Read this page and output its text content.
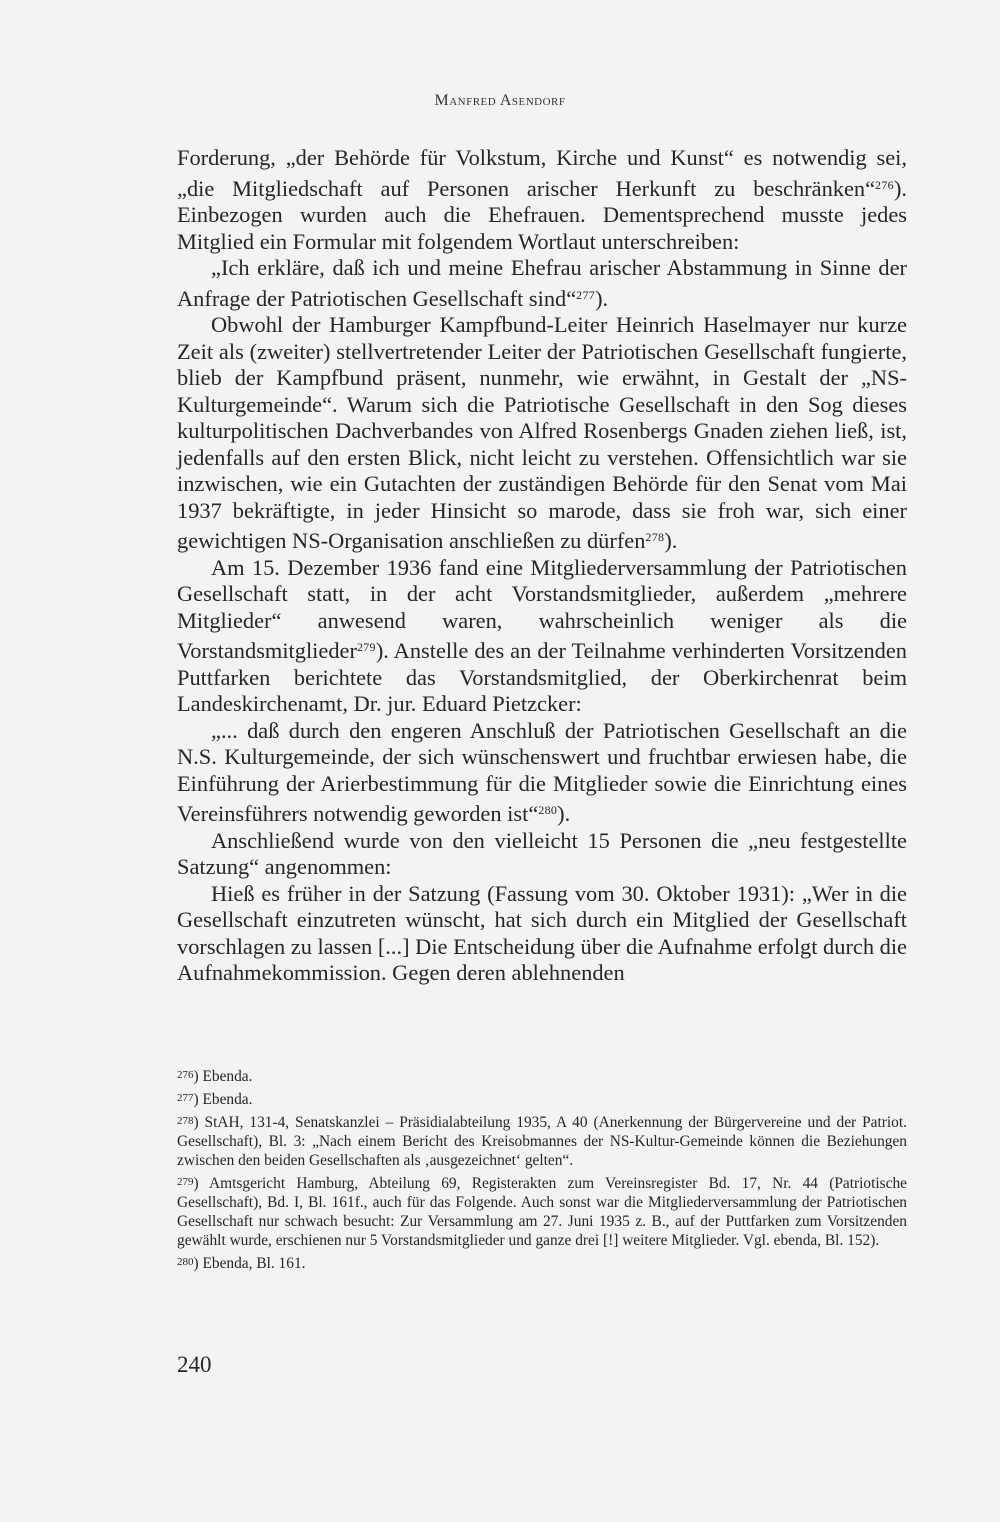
Manfred Asendorf

Forderung, „der Behörde für Volkstum, Kirche und Kunst“ es notwendig sei, „die Mitgliedschaft auf Personen arischer Herkunft zu beschränken“$^{276}$). Einbezogen wurden auch die Ehefrauen. Dementsprechend musste jedes Mitglied ein Formular mit folgendem Wortlaut unterschreiben:

„Ich erkläre, daß ich und meine Ehefrau arischer Abstammung in Sinne der Anfrage der Patriotischen Gesellschaft sind“$^{277}$).

Obwohl der Hamburger Kampfbund-Leiter Heinrich Haselmayer nur kurze Zeit als (zweiter) stellvertretender Leiter der Patriotischen Gesellschaft fungierte, blieb der Kampfbund präsent, nunmehr, wie erwähnt, in Gestalt der „NS-Kulturgemeinde“. Warum sich die Patriotische Gesellschaft in den Sog dieses kulturpolitischen Dachverbandes von Alfred Rosenbergs Gnaden ziehen ließ, ist, jedenfalls auf den ersten Blick, nicht leicht zu verstehen. Offensichtlich war sie inzwischen, wie ein Gutachten der zuständigen Behörde für den Senat vom Mai 1937 bekräftigte, in jeder Hinsicht so marode, dass sie froh war, sich einer gewichtigen NS-Organisation anschließen zu dürfen$^{278}$).

Am 15. Dezember 1936 fand eine Mitgliederversammlung der Patriotischen Gesellschaft statt, in der acht Vorstandsmitglieder, außerdem „mehrere Mitglieder“ anwesend waren, wahrscheinlich weniger als die Vorstandsmitglieder$^{279}$). Anstelle des an der Teilnahme verhinderten Vorsitzenden Puttfarken berichtete das Vorstandsmitglied, der Oberkirchenrat beim Landeskirchenamt, Dr. jur. Eduard Pietzcker:

„... daß durch den engeren Anschluß der Patriotischen Gesellschaft an die N.S. Kulturgemeinde, der sich wünschenswert und fruchtbar erwiesen habe, die Einführung der Arierbestimmung für die Mitglieder sowie die Einrichtung eines Vereinsführers notwendig geworden ist“$^{280}$).

Anschließend wurde von den vielleicht 15 Personen die „neu festgestellte Satzung“ angenommen:

Hieß es früher in der Satzung (Fassung vom 30. Oktober 1931): „Wer in die Gesellschaft einzutreten wünscht, hat sich durch ein Mitglied der Gesellschaft vorschlagen zu lassen [...] Die Entscheidung über die Aufnahme erfolgt durch die Aufnahmekommission. Gegen deren ablehnenden

276) Ebenda.

277) Ebenda.

278) StAH, 131-4, Senatskanzlei – Präsidialabteilung 1935, A 40 (Anerkennung der Bürgervereine und der Patriot. Gesellschaft), Bl. 3: „Nach einem Bericht des Kreisobmannes der NS-Kultur-Gemeinde können die Beziehungen zwischen den beiden Gesellschaften als ‚ausgezeichnet‘ gelten“.

279) Amtsgericht Hamburg, Abteilung 69, Registerakten zum Vereinsregister Bd. 17, Nr. 44 (Patriotische Gesellschaft), Bd. I, Bl. 161f., auch für das Folgende. Auch sonst war die Mitgliederversammlung der Patriotischen Gesellschaft nur schwach besucht: Zur Versammlung am 27. Juni 1935 z. B., auf der Puttfarken zum Vorsitzenden gewählt wurde, erschienen nur 5 Vorstandsmitglieder und ganze drei [!] weitere Mitglieder. Vgl. ebenda, Bl. 152).

280) Ebenda, Bl. 161.

240
